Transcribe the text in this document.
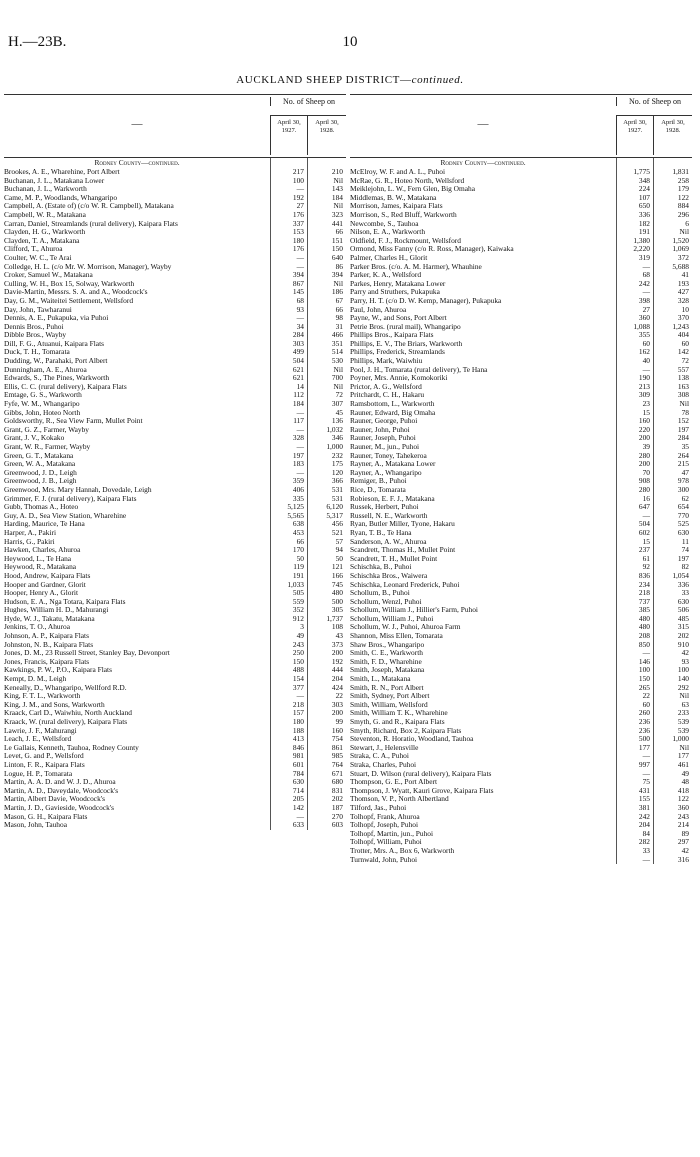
H.—23B.	10
AUCKLAND SHEEP DISTRICT—continued.
—
No. of Sheep on
April 30, 1927.
April 30, 1928.
Rodney County—continued.
Brookes, A. E., Wharehine, Port Albert	217	210
Buchanan, J. L., Matakana Lower	100	Nil
Buchanan, J. L., Warkworth	—	143
Came, M. P., Woodlands, Whangaripo	192	184
Campbell, A. (Estate of) (c/o W. R. Campbell), Matakana	27	Nil
Campbell, W. R., Matakana	176	323
Carran, Daniel, Streamlands (rural delivery), Kaipara Flats	337	441
Clayden, H. G., Warkworth	153	66
Clayden, T. A., Matakana	180	151
Clifford, T., Ahuroa	176	150
Coulter, W. C., Te Arai	—	640
Colledge, H. L. (c/o Mr. W. Morrison, Manager), Wayby	—	86
Croker, Samuel W., Matakana	394	394
Culling, W. H., Box 15, Solway, Warkworth	867	Nil
Davie-Martin, Messrs. S. A. and A., Woodcock's	145	186
Day, G. M., Waiteitei Settlement, Wellsford	68	67
Day, John, Tawharanui	93	66
Dennis, A. E., Pukapuka, via Puhoi	—	98
Dennis Bros., Puhoi	34	31
Dibble Bros., Wayby	284	466
Dill, F. G., Atuanui, Kaipara Flats	303	351
Duck, T. H., Tomarata	499	514
Dudding, W., Parahaki, Port Albert	504	530
Dunningham, A. E., Ahuroa	621	Nil
Edwards, S., The Pines, Warkworth	621	700
Ellis, C. C. (rural delivery), Kaipara Flats	14	Nil
Emtage, G. S., Warkworth	112	72
Fyfe, W. M., Whangaripo	184	307
Gibbs, John, Hoteo North	—	45
Goldsworthy, R., Sea View Farm, Mullet Point	117	136
Grant, G. Z., Farmer, Wayby	—	1,032
Grant, J. V., Kokako	328	346
Grant, W. R., Farmer, Wayby	—	1,000
Green, G. T., Matakana	197	232
Green, W. A., Matakana	183	175
Greenwood, J. D., Leigh	—	120
Greenwood, J. B., Leigh	359	366
Greenwood, Mrs. Mary Hannah, Dovedale, Leigh	406	531
Grimmer, F. J. (rural delivery), Kaipara Flats	335	531
Gubb, Thomas A., Hoteo	5,125	6,120
Guy, A. D., Sea View Station, Wharehine	5,565	5,317
Harding, Maurice, Te Hana	638	456
Harper, A., Pakiri	453	521
Harris, G., Pakiri	66	57
Hawken, Charles, Ahuroa	170	94
Heywood, L., Te Hana	50	50
Heywood, R., Matakana	119	121
Hood, Andrew, Kaipara Flats	191	166
Hooper and Gardner, Glorit	1,033	745
Hooper, Henry A., Glorit	505	480
Hudson, E. A., Nga Totara, Kaipara Flats	559	500
Hughes, William H. D., Mahurangi	352	305
Hyde, W. J., Takatu, Matakana	912	1,737
Jenkins, T. O., Ahuroa	3	108
Johnson, A. P., Kaipara Flats	49	43
Johnston, N. B., Kaipara Flats	243	373
Jones, D. M., 23 Russell Street, Stanley Bay, Devonport	250	200
Jones, Francis, Kaipara Flats	150	192
Kawkings, P. W., P.O., Kaipara Flats	488	444
Kempt, D. M., Leigh	154	204
Keneally, D., Whangaripo, Wellford R.D.	377	424
King, F. T. L., Warkworth	—	22
King, J. M., and Sons, Warkworth	218	303
Kraack, Carl D., Waiwhiu, North Auckland	157	200
Kraack, W. (rural delivery), Kaipara Flats	180	99
Lawrie, J. F., Mahurangi	188	160
Leach, J. E., Wellsford	413	754
Le Gallais, Kenneth, Tauhoa, Rodney County	846	861
Levet, G. and P., Wellsford	981	985
Linton, F. R., Kaipara Flats	601	764
Logue, H. P., Tomarata	784	671
Martin, A. A. D. and W. J. D., Ahuroa	630	680
Martin, A. D., Daveydale, Woodcock's	714	831
Martin, Albert Davie, Woodcock's	205	202
Martin, J. D., Gavieside, Woodcock's	142	187
Mason, G. H., Kaipara Flats	—	270
Mason, John, Tauhoa	633	603
—
No. of Sheep on
April 30, 1927.
April 30, 1928.
Rodney County—continued.
McElroy, W. F. and A. L., Puhoi	1,775	1,831
McRae, G. R., Hoteo North, Wellsford	348	258
Meiklejohn, L. W., Fern Glen, Big Omaha	224	179
Middlemas, B. W., Matakana	107	122
Morrison, James, Kaipara Flats	650	884
Morrison, S., Red Bluff, Warkworth	336	296
Newcombe, S., Tauhoa	182	6
Nilson, E. A., Warkworth	191	Nil
Oldfield, F. J., Rockmount, Wellsford	1,380	1,520
Ormond, Miss Fanny (c/o R. Ross, Manager), Kaiwaka	2,220	1,069
Palmer, Charles H., Glorit	319	372
Parker Bros. (c/o. A. M. Harmer), Whauhine	—	5,688
Parker, K. A., Wellsford	68	41
Parkes, Henry, Matakana Lower	242	193
Parry and Struthers, Pukapuka	—	427
Parry, H. T. (c/o D. W. Kemp, Manager), Pukapuka	398	328
Paul, John, Ahuroa	27	10
Payne, W., and Sons, Port Albert	360	370
Petrie Bros. (rural mail), Whangaripo	1,088	1,243
Phillips Bros., Kaipara Flats	355	404
Phillips, E. V., The Briars, Warkworth	60	60
Phillips, Frederick, Streamlands	162	142
Phillips, Mark, Waiwhiu	40	72
Pool, J. H., Tomarata (rural delivery), Te Hana	—	557
Poyner, Mrs. Annie, Komokoriki	190	138
Prictor, A. G., Wellsford	213	163
Pritchardt, C. H., Hakaru	309	308
Ramsbottom, L., Warkworth	23	Nil
Rauner, Edward, Big Omaha	15	78
Rauner, George, Puhoi	160	152
Rauner, John, Puhoi	220	197
Rauner, Joseph, Puhoi	200	284
Rauner, M., jun., Puhoi	39	35
Rauner, Toney, Tahekeroa	280	264
Rayner, A., Matakana Lower	200	215
Rayner, A., Whangaripo	70	47
Remiger, B., Puhoi	908	978
Rice, D., Tomarata	280	300
Robieson, E. F. J., Matakana	16	62
Russek, Herbert, Puhoi	647	654
Russell, N. E., Warkworth	—	770
Ryan, Butler Miller, Tyone, Hakaru	504	525
Ryan, T. B., Te Hana	602	630
Sanderson, A. W., Ahuroa	15	11
Scandrett, Thomas H., Mullet Point	237	74
Scandrett, T. H., Mullet Point	61	197
Schischka, B., Puhoi	92	82
Schischka Bros., Waiwera	836	1,054
Schischka, Leonard Frederick, Puhoi	234	336
Schollum, B., Puhoi	218	33
Schollum, Wenzl, Puhoi	737	630
Schollum, William J., Hillier's Farm, Puhoi	385	506
Schollum, William J., Puhoi	480	485
Schollum, W. J., Puhoi, Ahuroa Farm	480	315
Shannon, Miss Ellen, Tomarata	208	202
Shaw Bros., Whangaripo	850	910
Smith, C. E., Warkworth	—	42
Smith, F. D., Wharehine	146	93
Smith, Joseph, Matakana	100	100
Smith, L., Matakana	150	140
Smith, R. N., Port Albert	265	292
Smith, Sydney, Port Albert	22	Nil
Smith, William, Wellsford	60	63
Smith, William T. K., Wharehine	260	233
Smyth, G. and R., Kaipara Flats	236	539
Smyth, Richard, Box 2, Kaipara Flats	236	539
Steventon, R. Horatio, Woodland, Tauhoa	500	1,000
Stewart, J., Helensville	177	Nil
Straka, C. A., Puhoi	—	177
Straka, Charles, Puhoi	997	461
Stuart, D. Wilson (rural delivery), Kaipara Flats	—	49
Thompson, G. E., Port Albert	75	48
Thompson, J. Wyatt, Kauri Grove, Kaipara Flats	431	418
Thomson, V. P., North Albertland	155	122
Tilford, Jas., Puhoi	381	360
Tolhopf, Frank, Ahuroa	242	243
Tolhopf, Joseph, Puhoi	204	214
Tolhopf, Martin, jun., Puhoi	84	89
Tolhopf, William, Puhoi	282	297
Trotter, Mrs. A., Box 6, Warkworth	33	42
Turnwald, John, Puhoi	—	316
